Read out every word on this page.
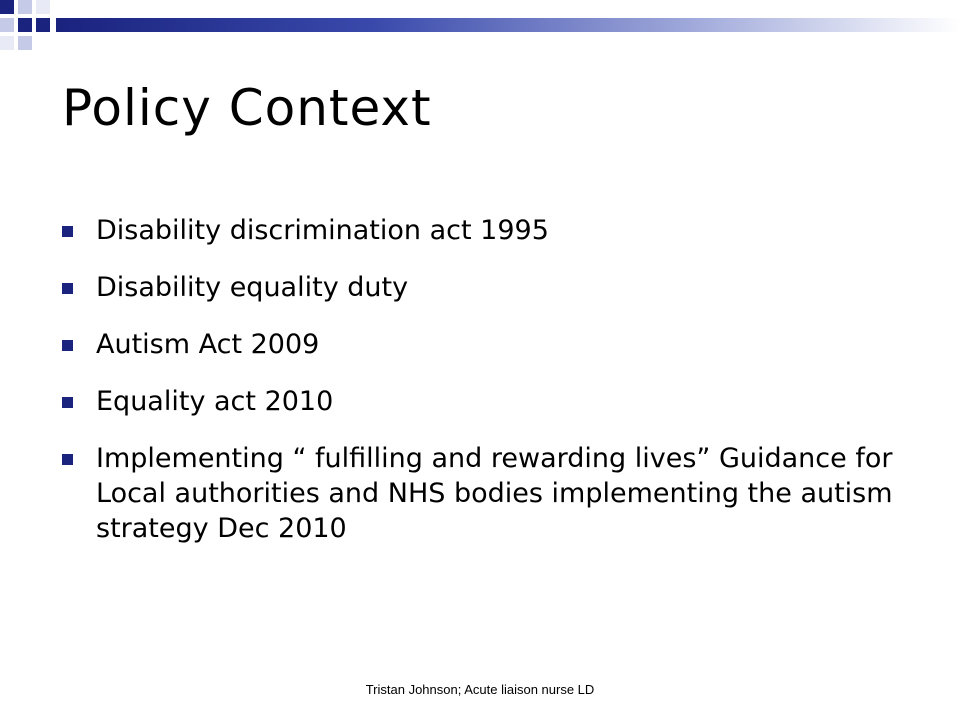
Policy Context
Disability discrimination act 1995
Disability equality duty
Autism Act 2009
Equality act 2010
Implementing “ fulfilling and rewarding lives” Guidance for Local authorities and NHS bodies implementing the autism strategy Dec 2010
Tristan Johnson; Acute liaison nurse LD
